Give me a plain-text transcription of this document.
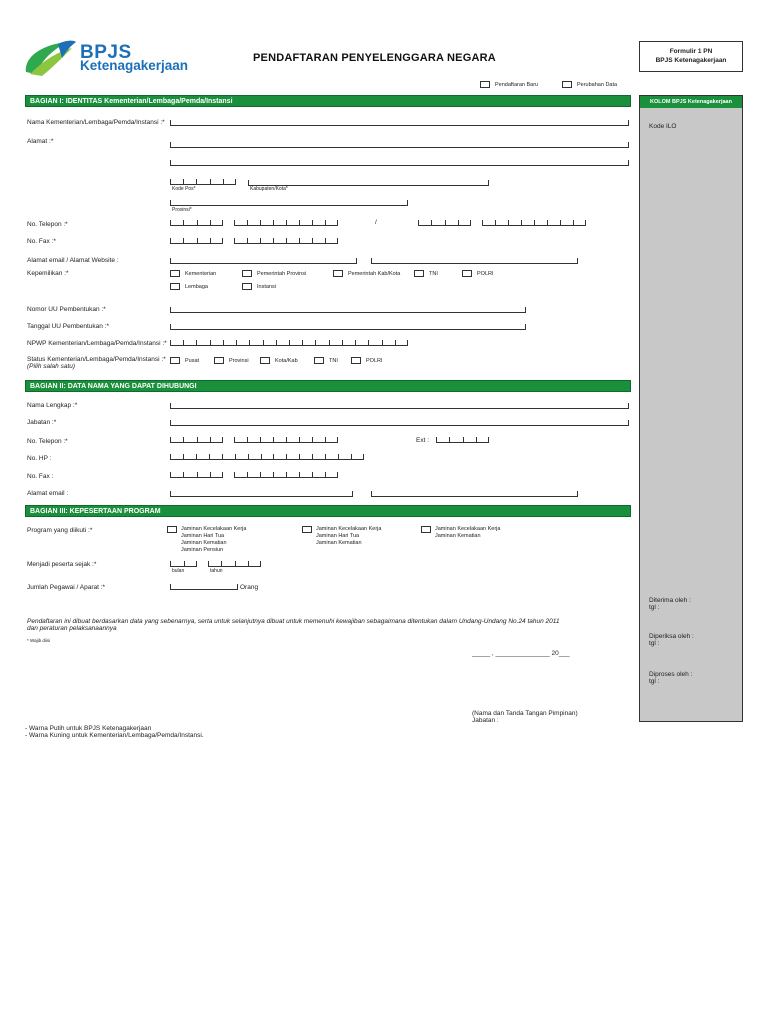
BPJS
Ketenagakerjaan	PENDAFTARAN PENYELENGGARA NEGARA
Formulir 1 PN
BPJS Ketenagakerjaan
Pendaftaran Baru	Perubahan Data
KOLOM BPJS Ketenagakerjaan
Kode ILO
Diterima oleh :
tgl :
Diperiksa oleh :
tgl :
Diproses oleh :
tgl :
BAGIAN I: IDENTITAS Kementerian/Lembaga/Pemda/Instansi
Nama Kementerian/Lembaga/Pemda/Instansi :*
Alamat :*
Kode Pos*	Kabupaten/Kota*
Provinsi*
No. Telepon :*	/
No. Fax :*
Alamat email / Alamat Website :
Kepemilikan :*	Kementerian	Pemerintah Provinsi	Pemerintah Kab/Kota	TNI	POLRI
Lembaga	Instansi
Nomor UU Pembentukan :*
Tanggal UU Pembentukan :*
NPWP Kementerian/Lembaga/Pemda/Instansi :*
Status Kementerian/Lembaga/Pemda/Instansi :*
(Pilih salah satu)
Pusat	Provinsi	Kota/Kab	TNI	POLRI
BAGIAN II: DATA NAMA YANG DAPAT DIHUBUNGI
Nama Lengkap :*
Jabatan :*
No. Telepon :*	Ext :
No. HP :
No. Fax :
Alamat email :
BAGIAN III: KEPESERTAAN PROGRAM
Program yang diikuti :*	Jaminan Kecelakaan Kerja
Jaminan Hari Tua
Jaminan Kematian
Jaminan Pensiun
Jaminan Kecelakaan Kerja
Jaminan Hari Tua
Jaminan Kematian
Jaminan Kecelakaan Kerja
Jaminan Kematian
Menjadi peserta sejak :*
bulan	tahun
Jumlah Pegawai / Aparat :*	Orang
Pendaftaran ini dibuat berdasarkan data yang sebenarnya, serta untuk selanjutnya dibuat untuk memenuhi kewajiban sebagaimana ditentukan dalam Undang-Undang No.24 tahun 2011
dan peraturan pelaksanaannya
* Wajib diisi
_____ , _______________ 20___
(Nama dan Tanda Tangan Pimpinan)
Jabatan :
- Warna Putih untuk BPJS Ketenagakerjaan
- Warna Kuning untuk Kementerian/Lembaga/Pemda/Instansi.
